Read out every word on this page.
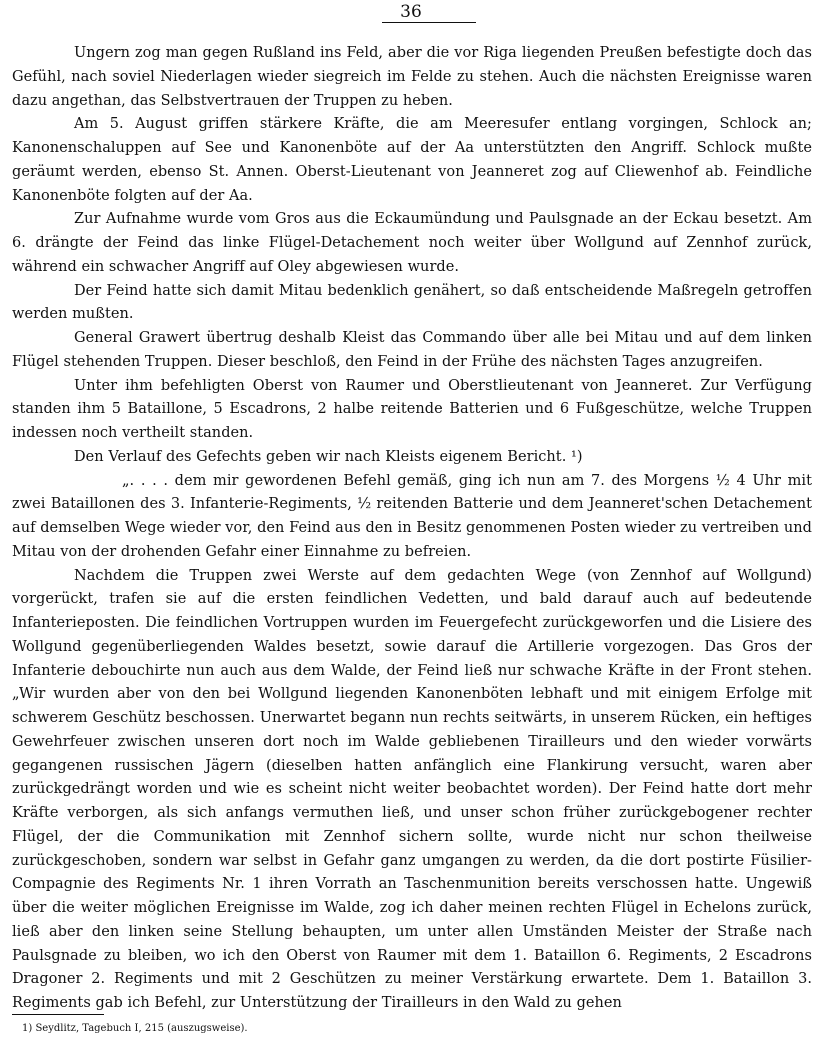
36

Ungern zog man gegen Rußland ins Feld, aber die vor Riga liegenden Preußen befestigte doch das Gefühl, nach soviel Niederlagen wieder siegreich im Felde zu stehen. Auch die nächsten Ereignisse waren dazu angethan, das Selbstvertrauen der Truppen zu heben.

Am 5. August griffen stärkere Kräfte, die am Meeresufer entlang vorgingen, Schlock an; Kanonenschaluppen auf See und Kanonenböte auf der Aa unterstützten den Angriff. Schlock mußte geräumt werden, ebenso St. Annen. Oberst-Lieutenant von Jeanneret zog auf Cliewenhof ab. Feindliche Kanonenböte folgten auf der Aa.

Zur Aufnahme wurde vom Gros aus die Eckaumündung und Paulsgnade an der Eckau besetzt. Am 6. drängte der Feind das linke Flügel-Detachement noch weiter über Wollgund auf Zennhof zurück, während ein schwacher Angriff auf Oley abgewiesen wurde.

Der Feind hatte sich damit Mitau bedenklich genähert, so daß entscheidende Maßregeln getroffen werden mußten.

General Grawert übertrug deshalb Kleist das Commando über alle bei Mitau und auf dem linken Flügel stehenden Truppen. Dieser beschloß, den Feind in der Frühe des nächsten Tages anzugreifen.

Unter ihm befehligten Oberst von Raumer und Oberstlieutenant von Jeanneret. Zur Verfügung standen ihm 5 Bataillone, 5 Escadrons, 2 halbe reitende Batterien und 6 Fußgeschütze, welche Truppen indessen noch vertheilt standen.

Den Verlauf des Gefechts geben wir nach Kleists eigenem Bericht. ¹)

„. . . . dem mir gewordenen Befehl gemäß, ging ich nun am 7. des Morgens ½ 4 Uhr mit zwei Bataillonen des 3. Infanterie-Regiments, ½ reitenden Batterie und dem Jeanneret'schen Detachement auf demselben Wege wieder vor, den Feind aus den in Besitz genommenen Posten wieder zu vertreiben und Mitau von der drohenden Gefahr einer Einnahme zu befreien.

Nachdem die Truppen zwei Werste auf dem gedachten Wege (von Zennhof auf Wollgund) vorgerückt, trafen sie auf die ersten feindlichen Vedetten, und bald darauf auch auf bedeutende Infanterieposten. Die feindlichen Vortruppen wurden im Feuergefecht zurückgeworfen und die Lisiere des Wollgund gegenüberliegenden Waldes besetzt, sowie darauf die Artillerie vorgezogen. Das Gros der Infanterie debouchirte nun auch aus dem Walde, der Feind ließ nur schwache Kräfte in der Front stehen. „Wir wurden aber von den bei Wollgund liegenden Kanonenböten lebhaft und mit einigem Erfolge mit schwerem Geschütz beschossen. Unerwartet begann nun rechts seitwärts, in unserem Rücken, ein heftiges Gewehrfeuer zwischen unseren dort noch im Walde gebliebenen Tirailleurs und den wieder vorwärts gegangenen russischen Jägern (dieselben hatten anfänglich eine Flankirung versucht, waren aber zurückgedrängt worden und wie es scheint nicht weiter beobachtet worden). Der Feind hatte dort mehr Kräfte verborgen, als sich anfangs vermuthen ließ, und unser schon früher zurückgebogener rechter Flügel, der die Communikation mit Zennhof sichern sollte, wurde nicht nur schon theilweise zurückgeschoben, sondern war selbst in Gefahr ganz umgangen zu werden, da die dort postirte Füsilier-Compagnie des Regiments Nr. 1 ihren Vorrath an Taschenmunition bereits verschossen hatte. Ungewiß über die weiter möglichen Ereignisse im Walde, zog ich daher meinen rechten Flügel in Echelons zurück, ließ aber den linken seine Stellung behaupten, um unter allen Umständen Meister der Straße nach Paulsgnade zu bleiben, wo ich den Oberst von Raumer mit dem 1. Bataillon 6. Regiments, 2 Escadrons Dragoner 2. Regiments und mit 2 Geschützen zu meiner Verstärkung erwartete. Dem 1. Bataillon 3. Regiments gab ich Befehl, zur Unterstützung der Tirailleurs in den Wald zu gehen

1) Seydlitz, Tagebuch I, 215 (auszugsweise).
